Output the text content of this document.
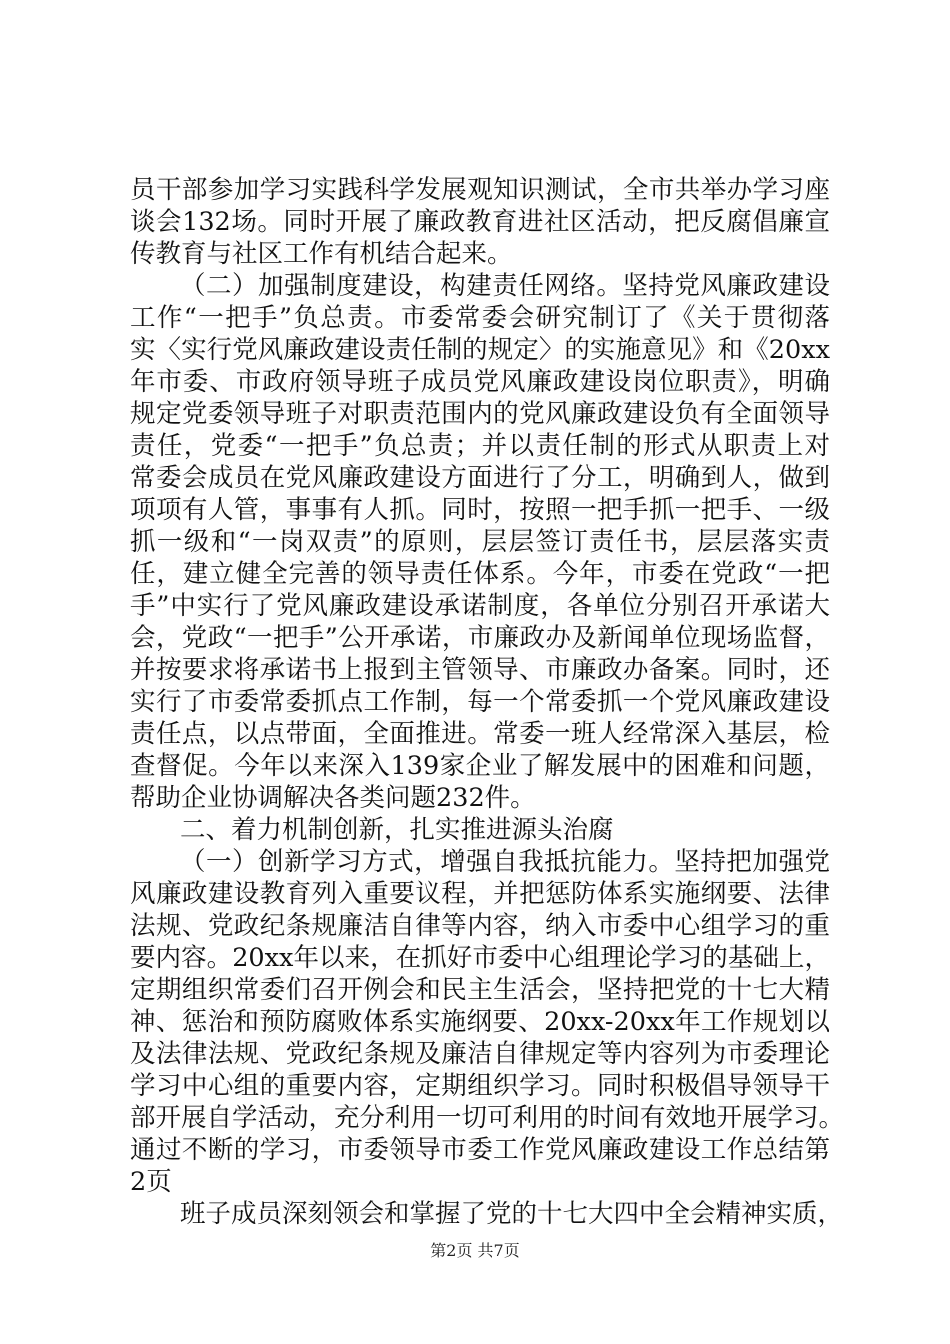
员干部参加学习实践科学发展观知识测试，全市共举办学习座
谈会132场。同时开展了廉政教育进社区活动，把反腐倡廉宣
传教育与社区工作有机结合起来。
（二）加强制度建设，构建责任网络。坚持党风廉政建设
工作“一把手”负总责。市委常委会研究制订了《关于贯彻落
实〈实行党风廉政建设责任制的规定〉的实施意见》和《20xx
年市委、市政府领导班子成员党风廉政建设岗位职责》，明确
规定党委领导班子对职责范围内的党风廉政建设负有全面领导
责任，党委“一把手”负总责；并以责任制的形式从职责上对
常委会成员在党风廉政建设方面进行了分工，明确到人，做到
项项有人管，事事有人抓。同时，按照一把手抓一把手、一级
抓一级和“一岗双责”的原则，层层签订责任书，层层落实责
任，建立健全完善的领导责任体系。今年，市委在党政“一把
手”中实行了党风廉政建设承诺制度，各单位分别召开承诺大
会，党政“一把手”公开承诺，市廉政办及新闻单位现场监督，
并按要求将承诺书上报到主管领导、市廉政办备案。同时，还
实行了市委常委抓点工作制，每一个常委抓一个党风廉政建设
责任点，以点带面，全面推进。常委一班人经常深入基层，检
查督促。今年以来深入139家企业了解发展中的困难和问题，
帮助企业协调解决各类问题232件。
二、着力机制创新，扎实推进源头治腐
（一）创新学习方式，增强自我抵抗能力。坚持把加强党
风廉政建设教育列入重要议程，并把惩防体系实施纲要、法律
法规、党政纪条规廉洁自律等内容，纳入市委中心组学习的重
要内容。20xx年以来，在抓好市委中心组理论学习的基础上，
定期组织常委们召开例会和民主生活会，坚持把党的十七大精
神、惩治和预防腐败体系实施纲要、20xx-20xx年工作规划以
及法律法规、党政纪条规及廉洁自律规定等内容列为市委理论
学习中心组的重要内容，定期组织学习。同时积极倡导领导干
部开展自学活动，充分利用一切可利用的时间有效地开展学习。
通过不断的学习，市委领导市委工作党风廉政建设工作总结第
2页
班子成员深刻领会和掌握了党的十七大四中全会精神实质，
第2页 共7页
